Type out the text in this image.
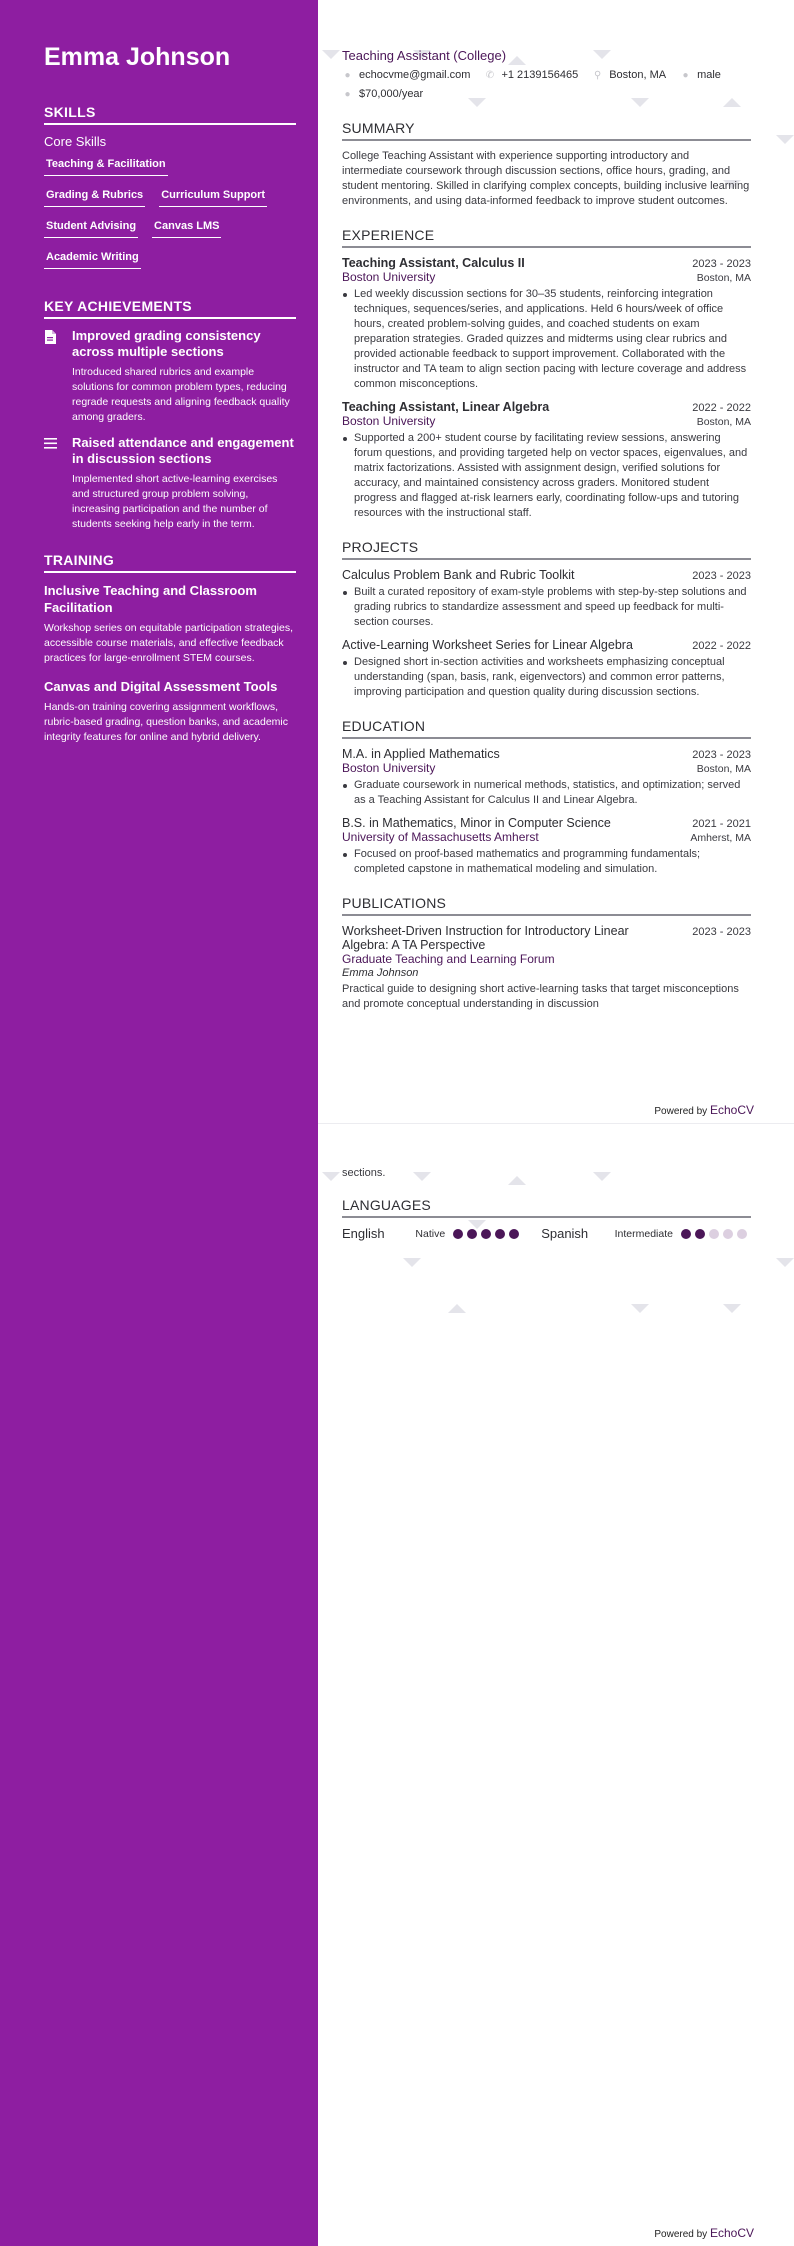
Emma Johnson
SKILLS
Core Skills
Teaching & Facilitation
Grading & Rubrics Curriculum Support
Student Advising Canvas LMS
Academic Writing
KEY ACHIEVEMENTS
Improved grading consistency across multiple sections
Introduced shared rubrics and example solutions for common problem types, reducing regrade requests and aligning feedback quality among graders.
Raised attendance and engagement in discussion sections
Implemented short active-learning exercises and structured group problem solving, increasing participation and the number of students seeking help early in the term.
TRAINING
Inclusive Teaching and Classroom Facilitation
Workshop series on equitable participation strategies, accessible course materials, and effective feedback practices for large-enrollment STEM courses.
Canvas and Digital Assessment Tools
Hands-on training covering assignment workflows, rubric-based grading, question banks, and academic integrity features for online and hybrid delivery.
Teaching Assistant (College)
● echocvme@gmail.com ✆ +1 2139156465 ⚲ Boston, MA ● male
● $70,000/year
SUMMARY
College Teaching Assistant with experience supporting introductory and intermediate coursework through discussion sections, office hours, grading, and student mentoring. Skilled in clarifying complex concepts, building inclusive learning environments, and using data-informed feedback to improve student outcomes.
EXPERIENCE
Teaching Assistant, Calculus II	2023 - 2023
Boston University	Boston, MA
Led weekly discussion sections for 30–35 students, reinforcing integration techniques, sequences/series, and applications. Held 6 hours/week of office hours, created problem-solving guides, and coached students on exam preparation strategies. Graded quizzes and midterms using clear rubrics and provided actionable feedback to support improvement. Collaborated with the instructor and TA team to align section pacing with lecture coverage and address common misconceptions.
Teaching Assistant, Linear Algebra	2022 - 2022
Boston University	Boston, MA
Supported a 200+ student course by facilitating review sessions, answering forum questions, and providing targeted help on vector spaces, eigenvalues, and matrix factorizations. Assisted with assignment design, verified solutions for accuracy, and maintained consistency across graders. Monitored student progress and flagged at-risk learners early, coordinating follow-ups and tutoring resources with the instructional staff.
PROJECTS
Calculus Problem Bank and Rubric Toolkit	2023 - 2023
Built a curated repository of exam-style problems with step-by-step solutions and grading rubrics to standardize assessment and speed up feedback for multi-section courses.
Active-Learning Worksheet Series for Linear Algebra	2022 - 2022
Designed short in-section activities and worksheets emphasizing conceptual understanding (span, basis, rank, eigenvectors) and common error patterns, improving participation and question quality during discussion sections.
EDUCATION
M.A. in Applied Mathematics	2023 - 2023
Boston University	Boston, MA
Graduate coursework in numerical methods, statistics, and optimization; served as a Teaching Assistant for Calculus II and Linear Algebra.
B.S. in Mathematics, Minor in Computer Science	2021 - 2021
University of Massachusetts Amherst	Amherst, MA
Focused on proof-based mathematics and programming fundamentals; completed capstone in mathematical modeling and simulation.
PUBLICATIONS
Worksheet-Driven Instruction for Introductory Linear Algebra: A TA Perspective
2023 - 2023
Graduate Teaching and Learning Forum
Emma Johnson
Practical guide to designing short active-learning tasks that target misconceptions and promote conceptual understanding in discussion
Powered by EchoCV
sections.
LANGUAGES
English	Native	Spanish	Intermediate
Powered by EchoCV
